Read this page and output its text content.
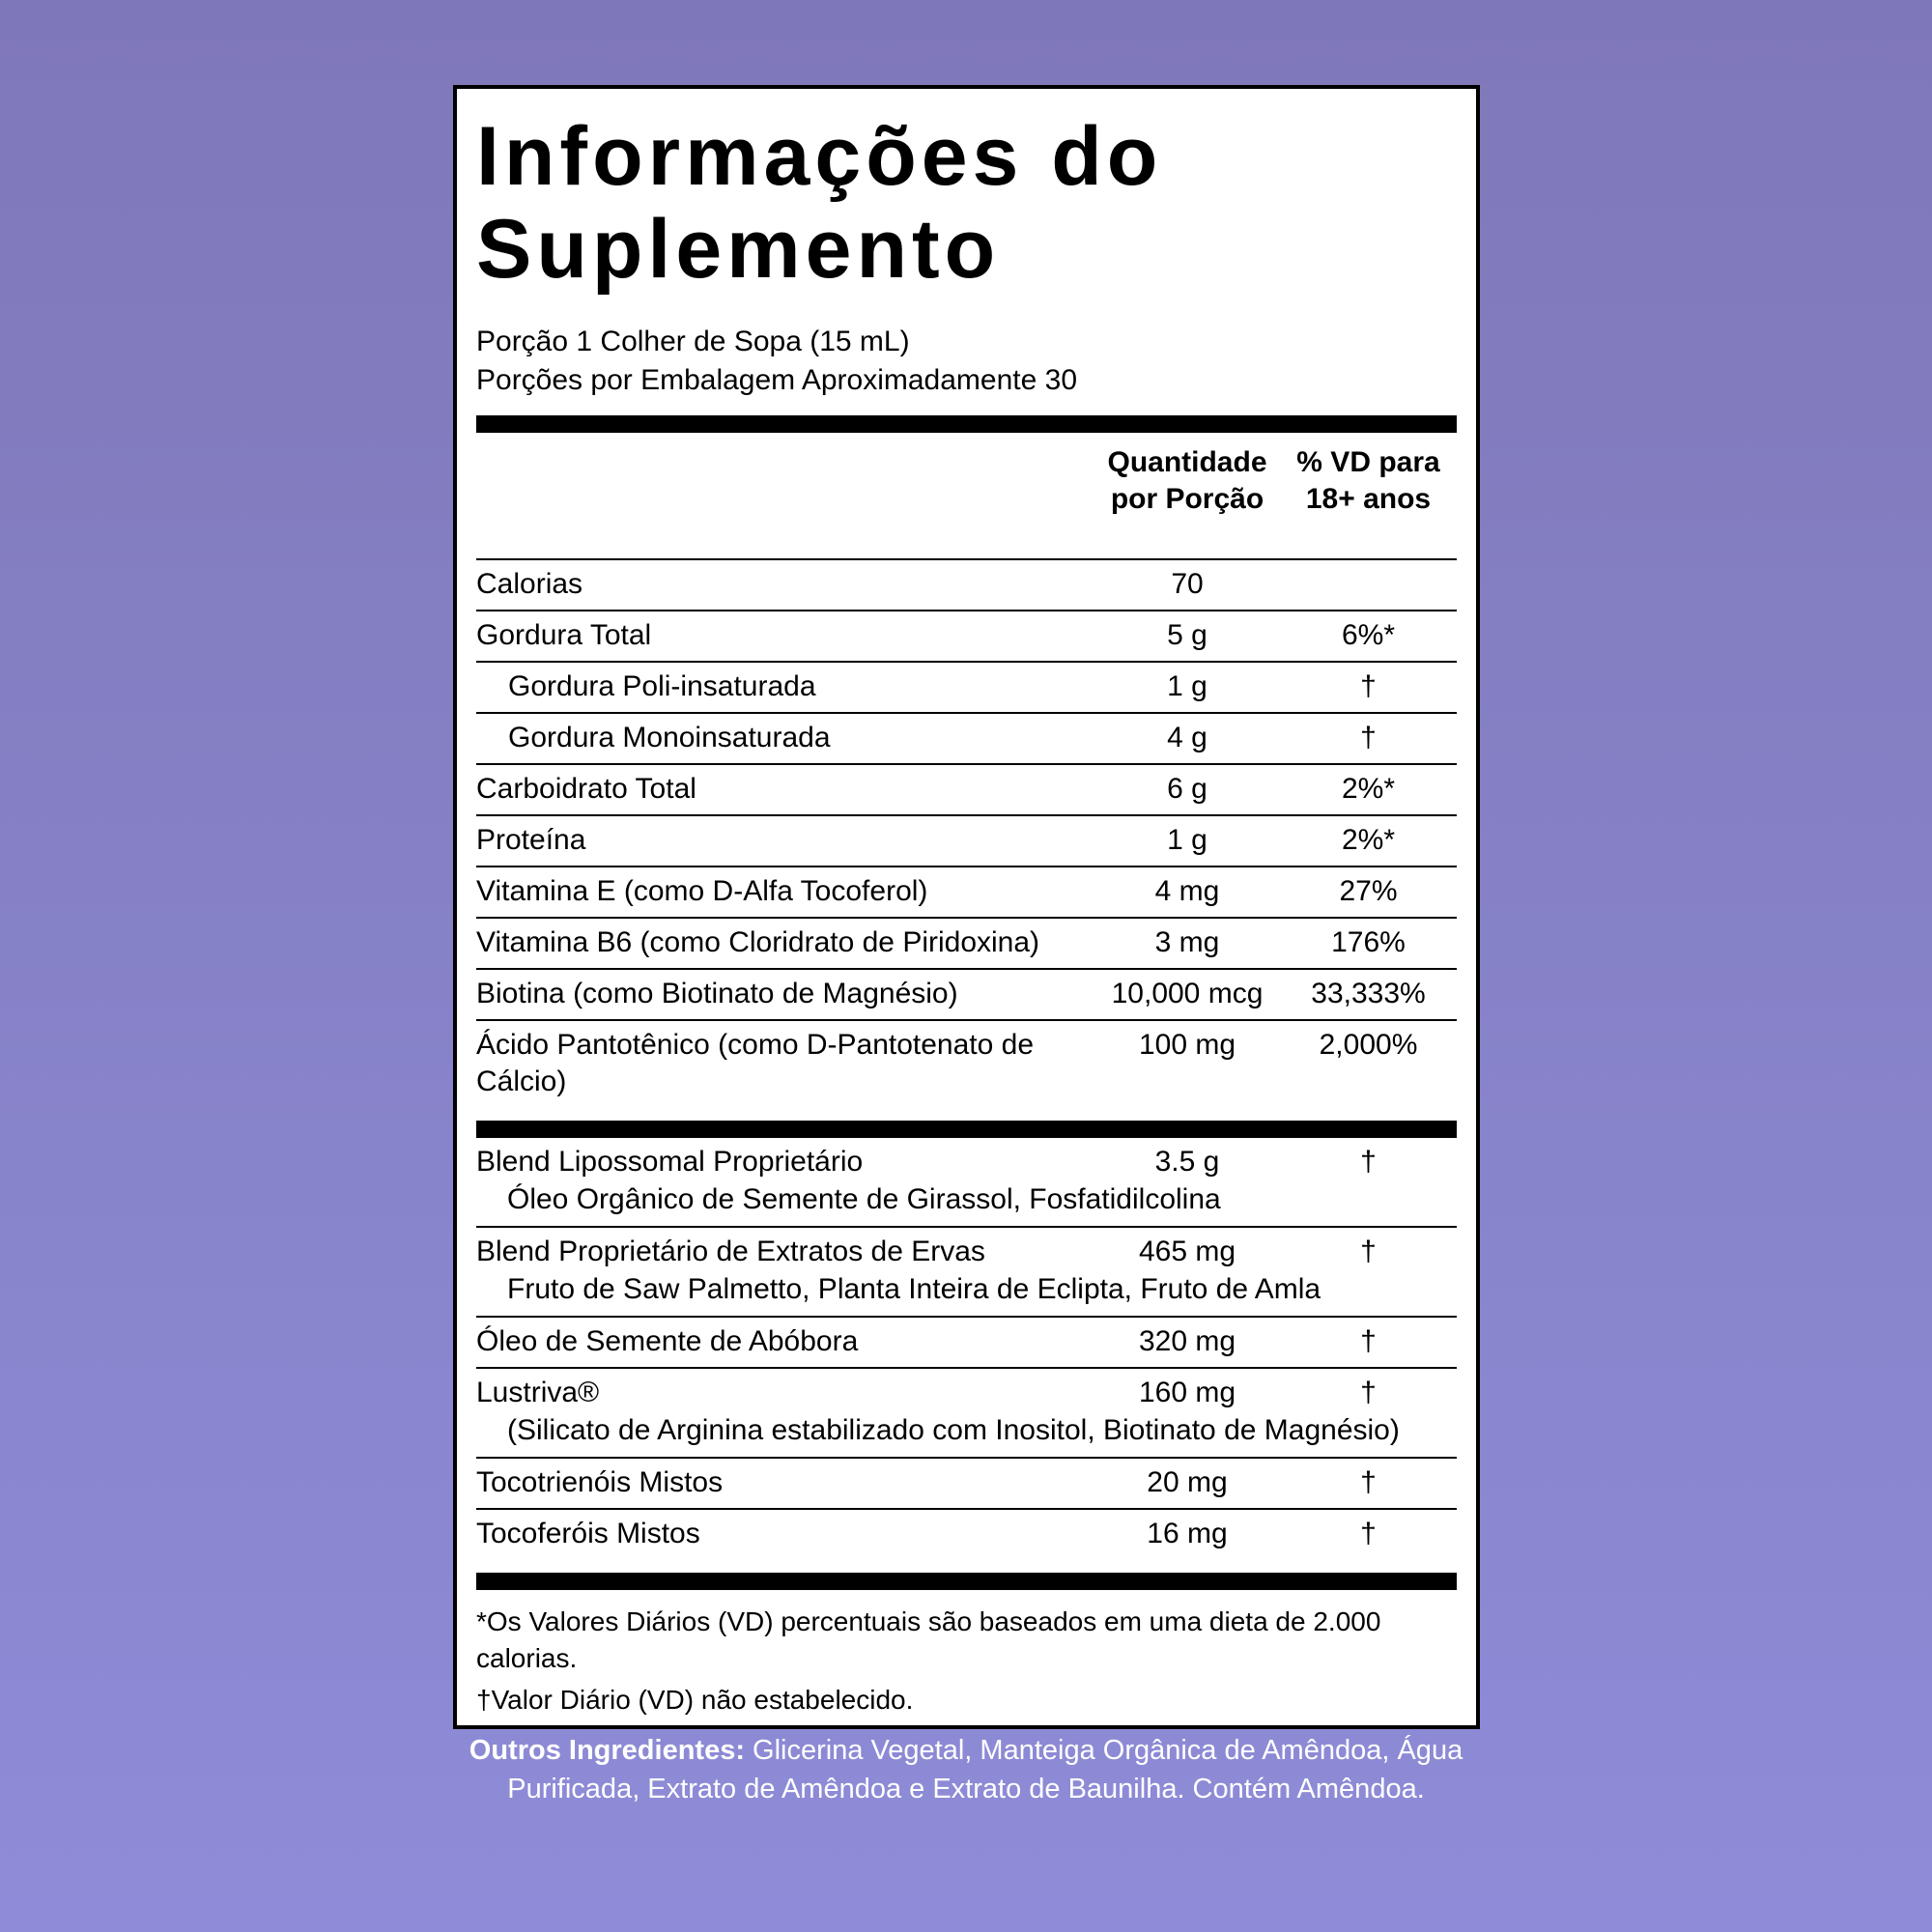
Informações do
Suplemento
Porção 1 Colher de Sopa (15 mL)
Porções por Embalagem Aproximadamente 30
	Quantidade por Porção	% VD para 18+ anos
Calorias	70	
Gordura Total	5 g	6%*
Gordura Poli-insaturada	1 g	†
Gordura Monoinsaturada	4 g	†
Carboidrato Total	6 g	2%*
Proteína	1 g	2%*
Vitamina E (como D-Alfa Tocoferol)	4 mg	27%
Vitamina B6 (como Cloridrato de Piridoxina)	3 mg	176%
Biotina (como Biotinato de Magnésio)	10,000 mcg	33,333%
Ácido Pantotênico (como D-Pantotenato de Cálcio)	100 mg	2,000%
Blend Lipossomal Proprietário	3.5 g	†
Óleo Orgânico de Semente de Girassol, Fosfatidilcolina		
Blend Proprietário de Extratos de Ervas	465 mg	†
Fruto de Saw Palmetto, Planta Inteira de Eclipta, Fruto de Amla		
Óleo de Semente de Abóbora	320 mg	†
Lustriva®	160 mg	†
(Silicato de Arginina estabilizado com Inositol, Biotinato de Magnésio)		
Tocotrienóis Mistos	20 mg	†
Tocoferóis Mistos	16 mg	†

*Os Valores Diários (VD) percentuais são baseados em uma dieta de 2.000 calorias.

†Valor Diário (VD) não estabelecido.

Outros Ingredientes: Glicerina Vegetal, Manteiga Orgânica de Amêndoa, Água Purificada, Extrato de Amêndoa e Extrato de Baunilha. Contém Amêndoa.
